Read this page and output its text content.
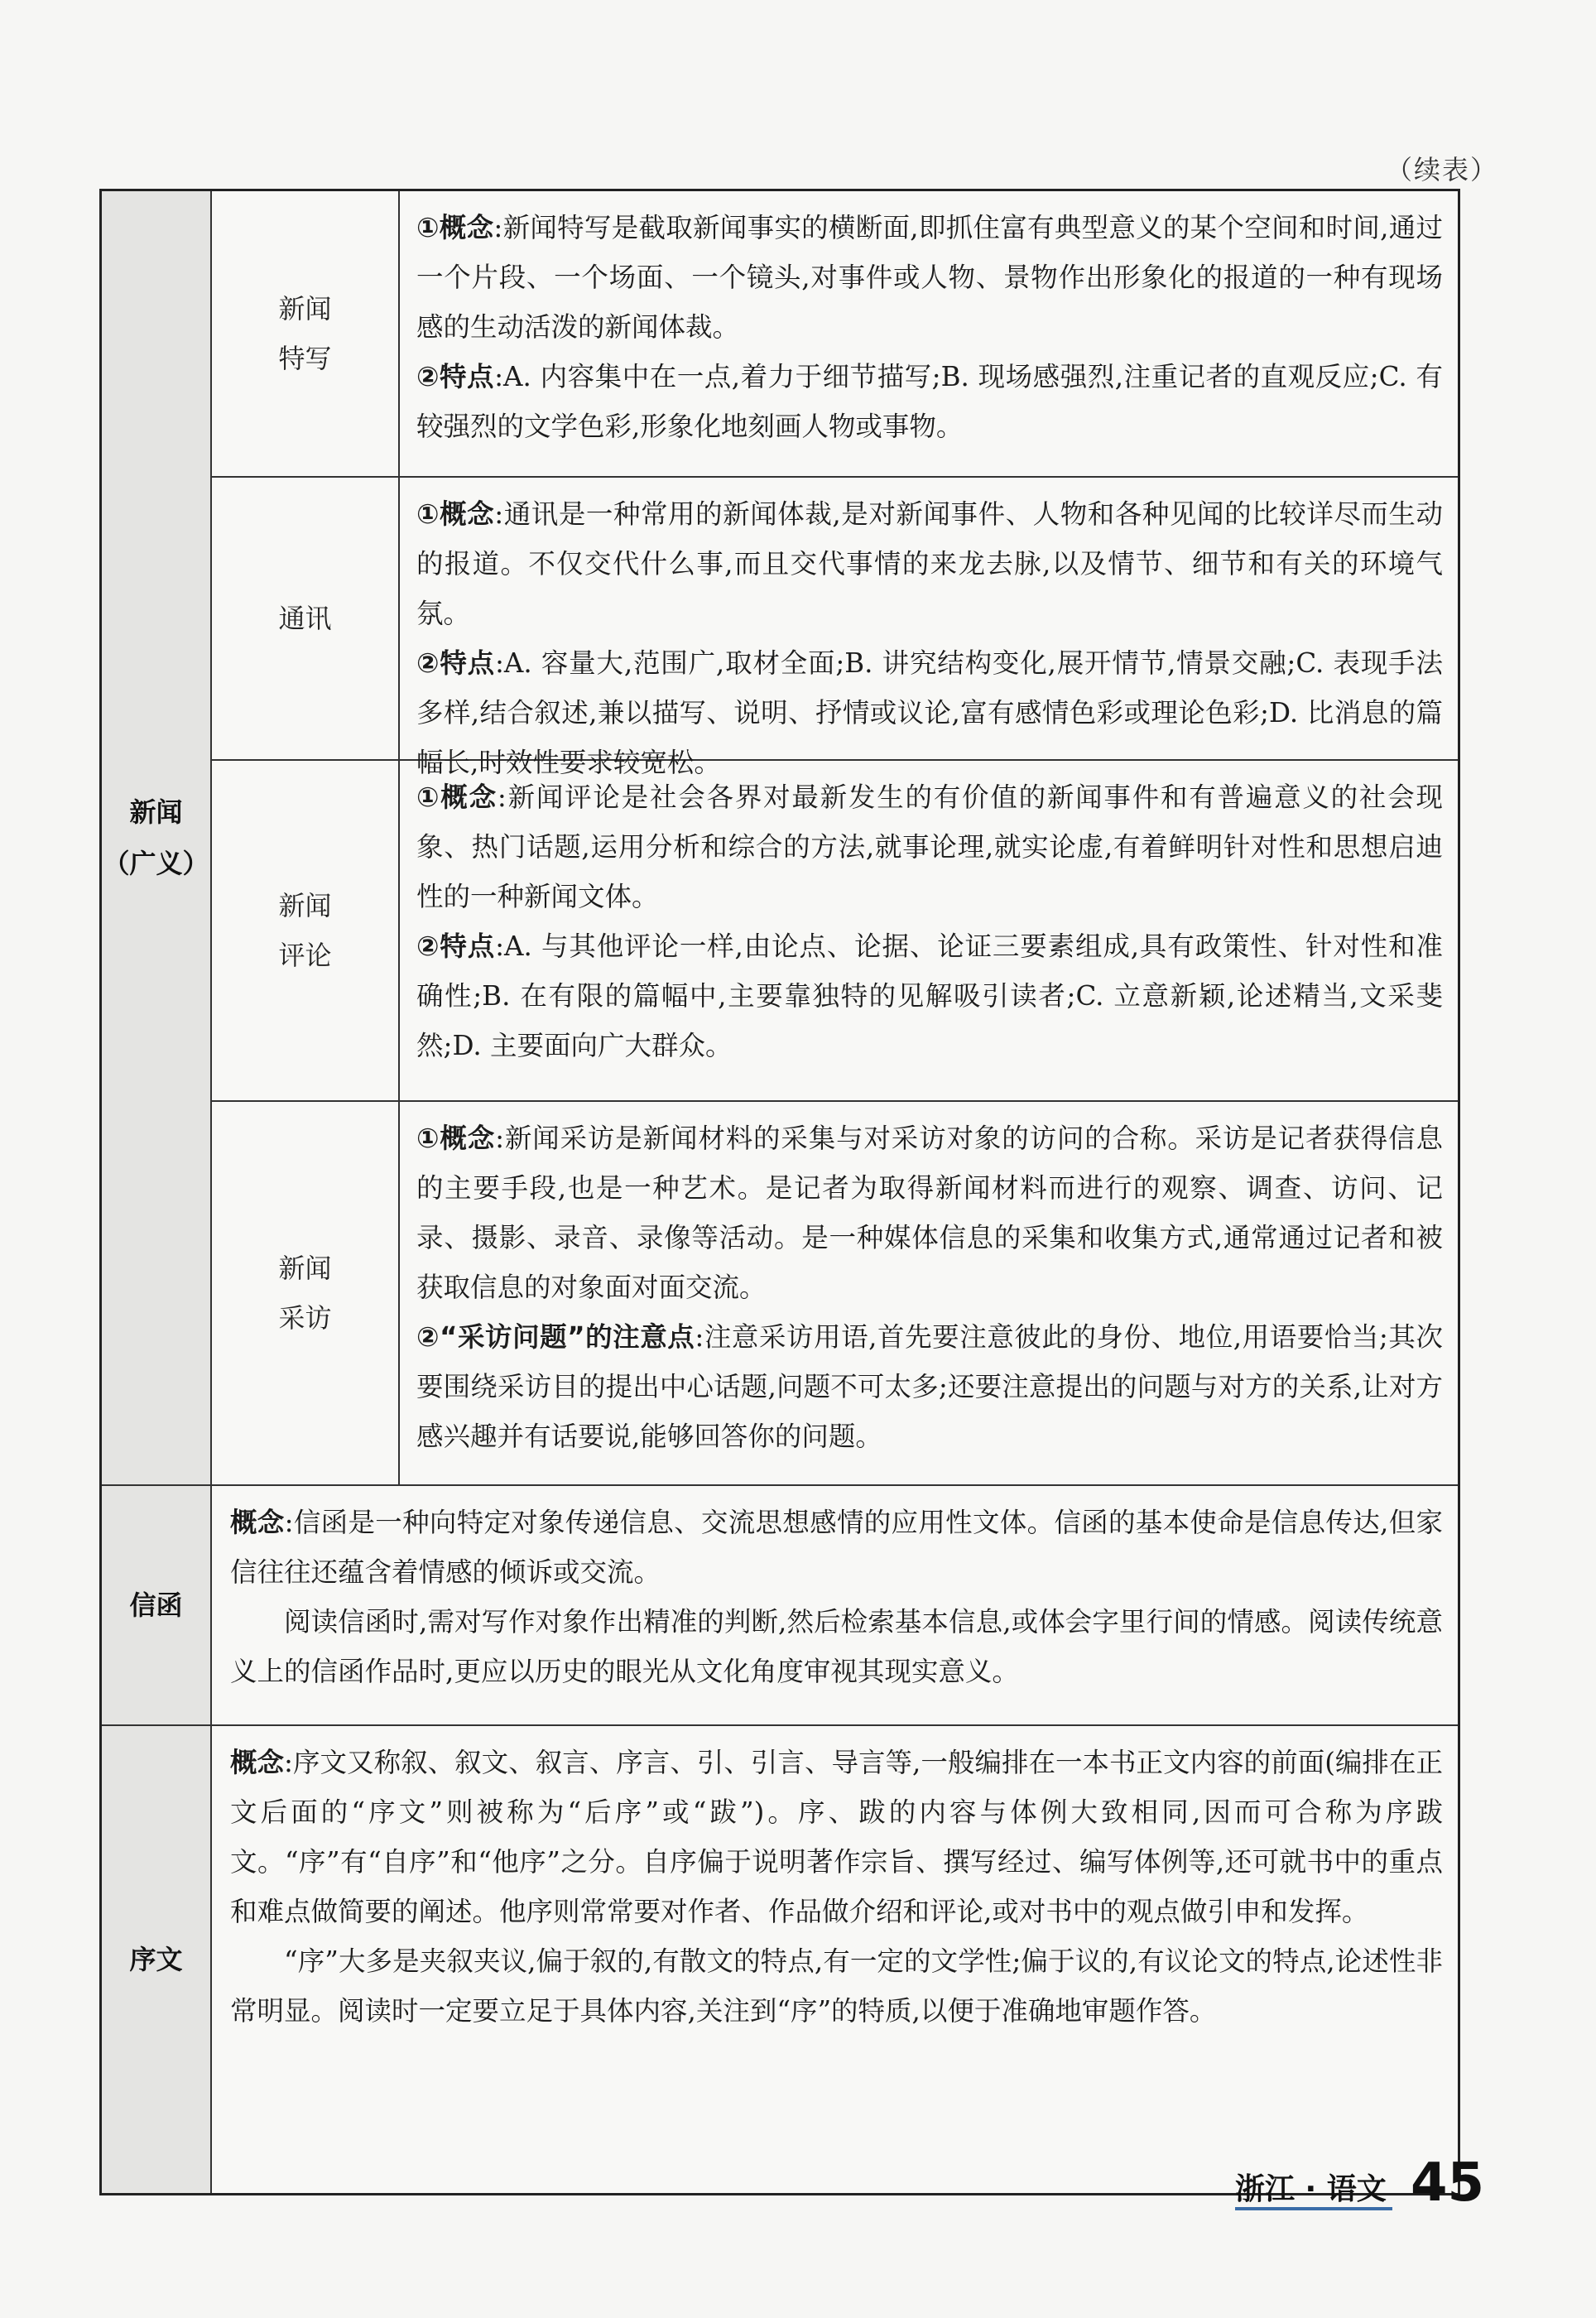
（续表）
新闻
（广义）
新闻
特写

①概念:新闻特写是截取新闻事实的横断面,即抓住富有典型意义的某个空间和时间,通过一个片段、一个场面、一个镜头,对事件或人物、景物作出形象化的报道的一种有现场感的生动活泼的新闻体裁。

②特点:A. 内容集中在一点,着力于细节描写;B. 现场感强烈,注重记者的直观反应;C. 有较强烈的文学色彩,形象化地刻画人物或事物。

通讯

①概念:通讯是一种常用的新闻体裁,是对新闻事件、人物和各种见闻的比较详尽而生动的报道。不仅交代什么事,而且交代事情的来龙去脉,以及情节、细节和有关的环境气氛。

②特点:A. 容量大,范围广,取材全面;B. 讲究结构变化,展开情节,情景交融;C. 表现手法多样,结合叙述,兼以描写、说明、抒情或议论,富有感情色彩或理论色彩;D. 比消息的篇幅长,时效性要求较宽松。

新闻
评论

①概念:新闻评论是社会各界对最新发生的有价值的新闻事件和有普遍意义的社会现象、热门话题,运用分析和综合的方法,就事论理,就实论虚,有着鲜明针对性和思想启迪性的一种新闻文体。

②特点:A. 与其他评论一样,由论点、论据、论证三要素组成,具有政策性、针对性和准确性;B. 在有限的篇幅中,主要靠独特的见解吸引读者;C. 立意新颖,论述精当,文采斐然;D. 主要面向广大群众。

新闻
采访

①概念:新闻采访是新闻材料的采集与对采访对象的访问的合称。采访是记者获得信息的主要手段,也是一种艺术。是记者为取得新闻材料而进行的观察、调查、访问、记录、摄影、录音、录像等活动。是一种媒体信息的采集和收集方式,通常通过记者和被获取信息的对象面对面交流。

②“采访问题”的注意点:注意采访用语,首先要注意彼此的身份、地位,用语要恰当;其次要围绕采访目的提出中心话题,问题不可太多;还要注意提出的问题与对方的关系,让对方感兴趣并有话要说,能够回答你的问题。

信函

概念:信函是一种向特定对象传递信息、交流思想感情的应用性文体。信函的基本使命是信息传达,但家信往往还蕴含着情感的倾诉或交流。

阅读信函时,需对写作对象作出精准的判断,然后检索基本信息,或体会字里行间的情感。阅读传统意义上的信函作品时,更应以历史的眼光从文化角度审视其现实意义。

序文

概念:序文又称叙、叙文、叙言、序言、引、引言、导言等,一般编排在一本书正文内容的前面(编排在正文后面的“序文”则被称为“后序”或“跋”)。序、跋的内容与体例大致相同,因而可合称为序跋文。“序”有“自序”和“他序”之分。自序偏于说明著作宗旨、撰写经过、编写体例等,还可就书中的重点和难点做简要的阐述。他序则常常要对作者、作品做介绍和评论,或对书中的观点做引申和发挥。

“序”大多是夹叙夹议,偏于叙的,有散文的特点,有一定的文学性;偏于议的,有议论文的特点,论述性非常明显。阅读时一定要立足于具体内容,关注到“序”的特质,以便于准确地审题作答。

浙江 · 语文 45
